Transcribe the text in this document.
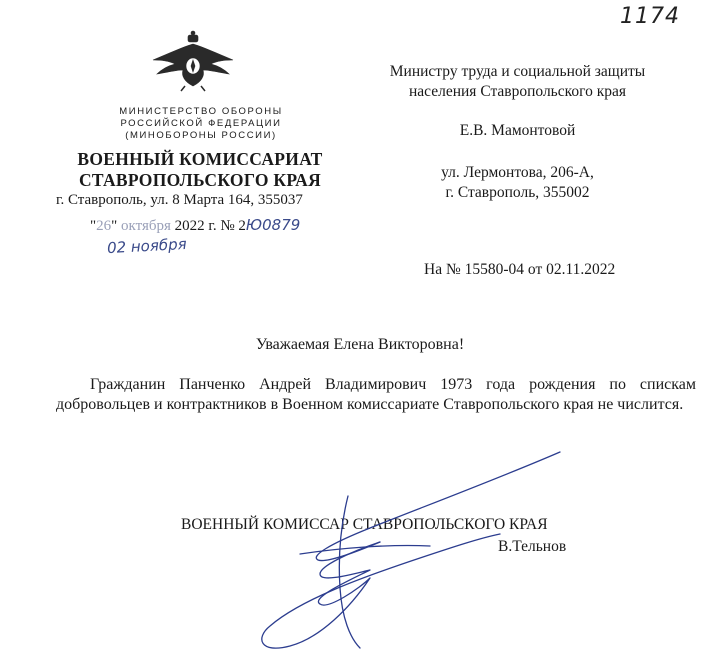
1174
МИНИСТЕРСТВО ОБОРОНЫ
РОССИЙСКОЙ ФЕДЕРАЦИИ
(МИНОБОРОНЫ РОССИИ)
ВОЕННЫЙ КОМИССАРИАТ
СТАВРОПОЛЬСКОГО КРАЯ
г. Ставрополь, ул. 8 Марта 164, 355037
"26" октября 2022 г. № 2Ю0879
02 ноября
Министру труда и социальной защиты
населения Ставропольского края
Е.В. Мамонтовой
ул. Лермонтова, 206-А,
г. Ставрополь, 355002
На № 15580-04 от 02.11.2022
Уважаемая Елена Викторовна!
Гражданин Панченко Андрей Владимирович 1973 года рождения по спискам добровольцев и контрактников в Военном комиссариате Ставропольского края не числится.
ВОЕННЫЙ КОМИССАР СТАВРОПОЛЬСКОГО КРАЯ
В.Тельнов
